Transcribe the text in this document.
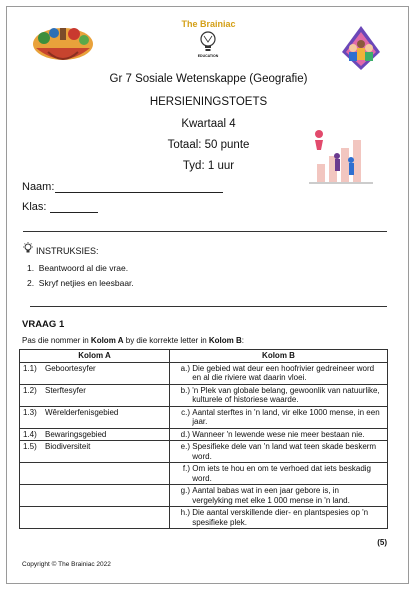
The Brainiac
EDUCATION
Gr 7 Sosiale Wetenskappe (Geografie)
HERSIENINGSTOETS
Kwartaal 4
Totaal: 50 punte
Tyd: 1 uur
Naam:
Klas:
INSTRUKSIES:
1.  Beantwoord al die vrae.
2.  Skryf netjies en leesbaar.
VRAAG 1
Pas die nommer in Kolom A by die korrekte letter in Kolom B:
Kolom A	Kolom B
1.1) Geboortesyfer	a.) Die gebied wat deur een hoofrivier gedreineer word en al die riviere wat daarin vloei.
1.2) Sterftesyfer	b.) 'n Plek van globale belang, gewoonlik van natuurlike, kulturele of historiese waarde.
1.3) Wêrelderfenisgebied	c.) Aantal sterftes in 'n land, vir elke 1000 mense, in een jaar.
1.4) Bewaringsgebied	d.) Wanneer 'n lewende wese nie meer bestaan nie.
1.5) Biodiversiteit	e.) Spesifieke dele van 'n land wat teen skade beskerm word.
	f.) Om iets te hou en om te verhoed dat iets beskadig word.
	g.) Aantal babas wat in een jaar gebore is, in vergelyking met elke 1 000 mense in 'n land.
	h.) Die aantal verskillende dier- en plantspesies op 'n spesifieke plek.
(5)
Copyright © The Brainiac 2022
